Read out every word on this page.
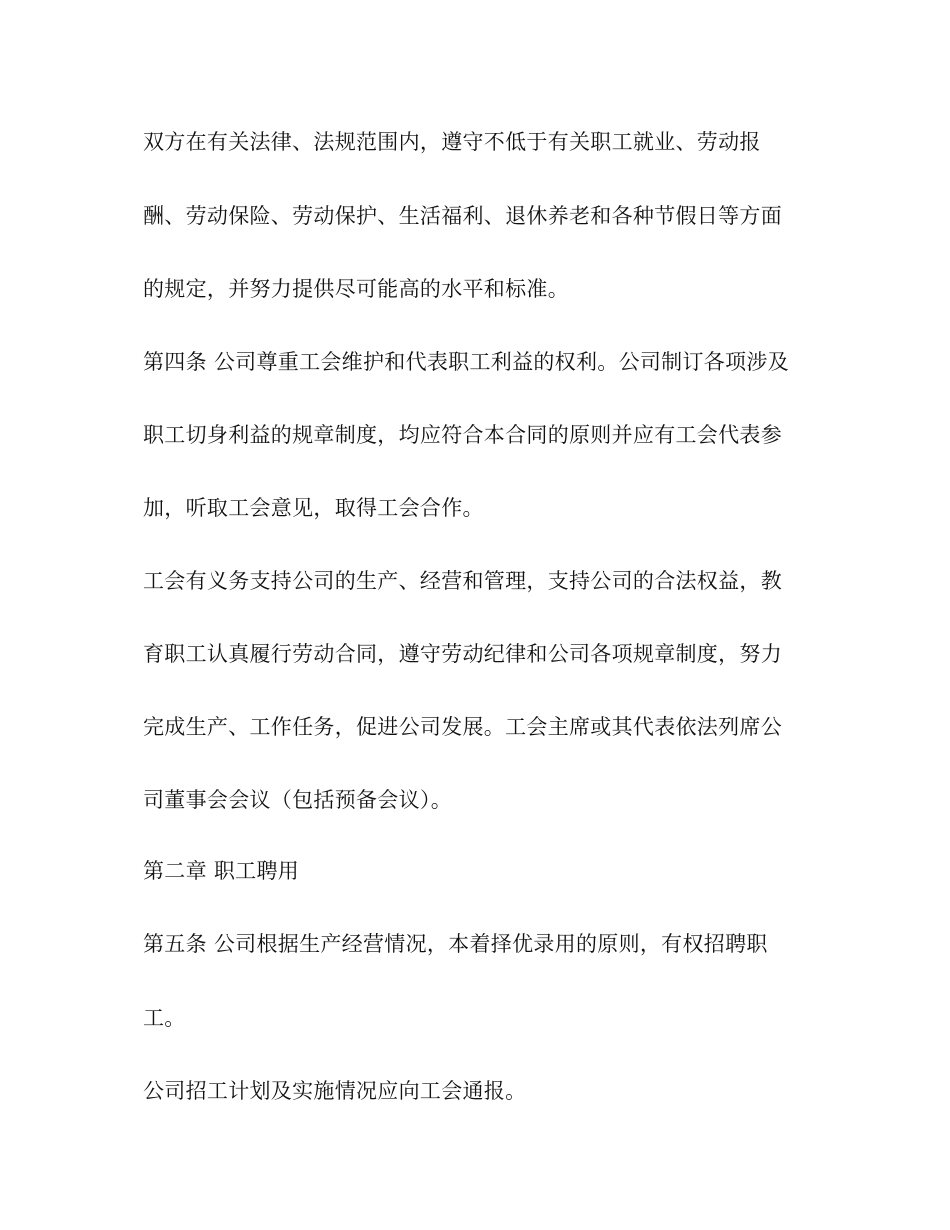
双方在有关法律、法规范围内，遵守不低于有关职工就业、劳动报

酬、劳动保险、劳动保护、生活福利、退休养老和各种节假日等方面

的规定，并努力提供尽可能高的水平和标准。

第四条 公司尊重工会维护和代表职工利益的权利。公司制订各项涉及

职工切身利益的规章制度，均应符合本合同的原则并应有工会代表参

加，听取工会意见，取得工会合作。

工会有义务支持公司的生产、经营和管理，支持公司的合法权益，教

育职工认真履行劳动合同，遵守劳动纪律和公司各项规章制度，努力

完成生产、工作任务，促进公司发展。工会主席或其代表依法列席公

司董事会会议（包括预备会议）。

第二章 职工聘用

第五条 公司根据生产经营情况，本着择优录用的原则，有权招聘职

工。

公司招工计划及实施情况应向工会通报。
